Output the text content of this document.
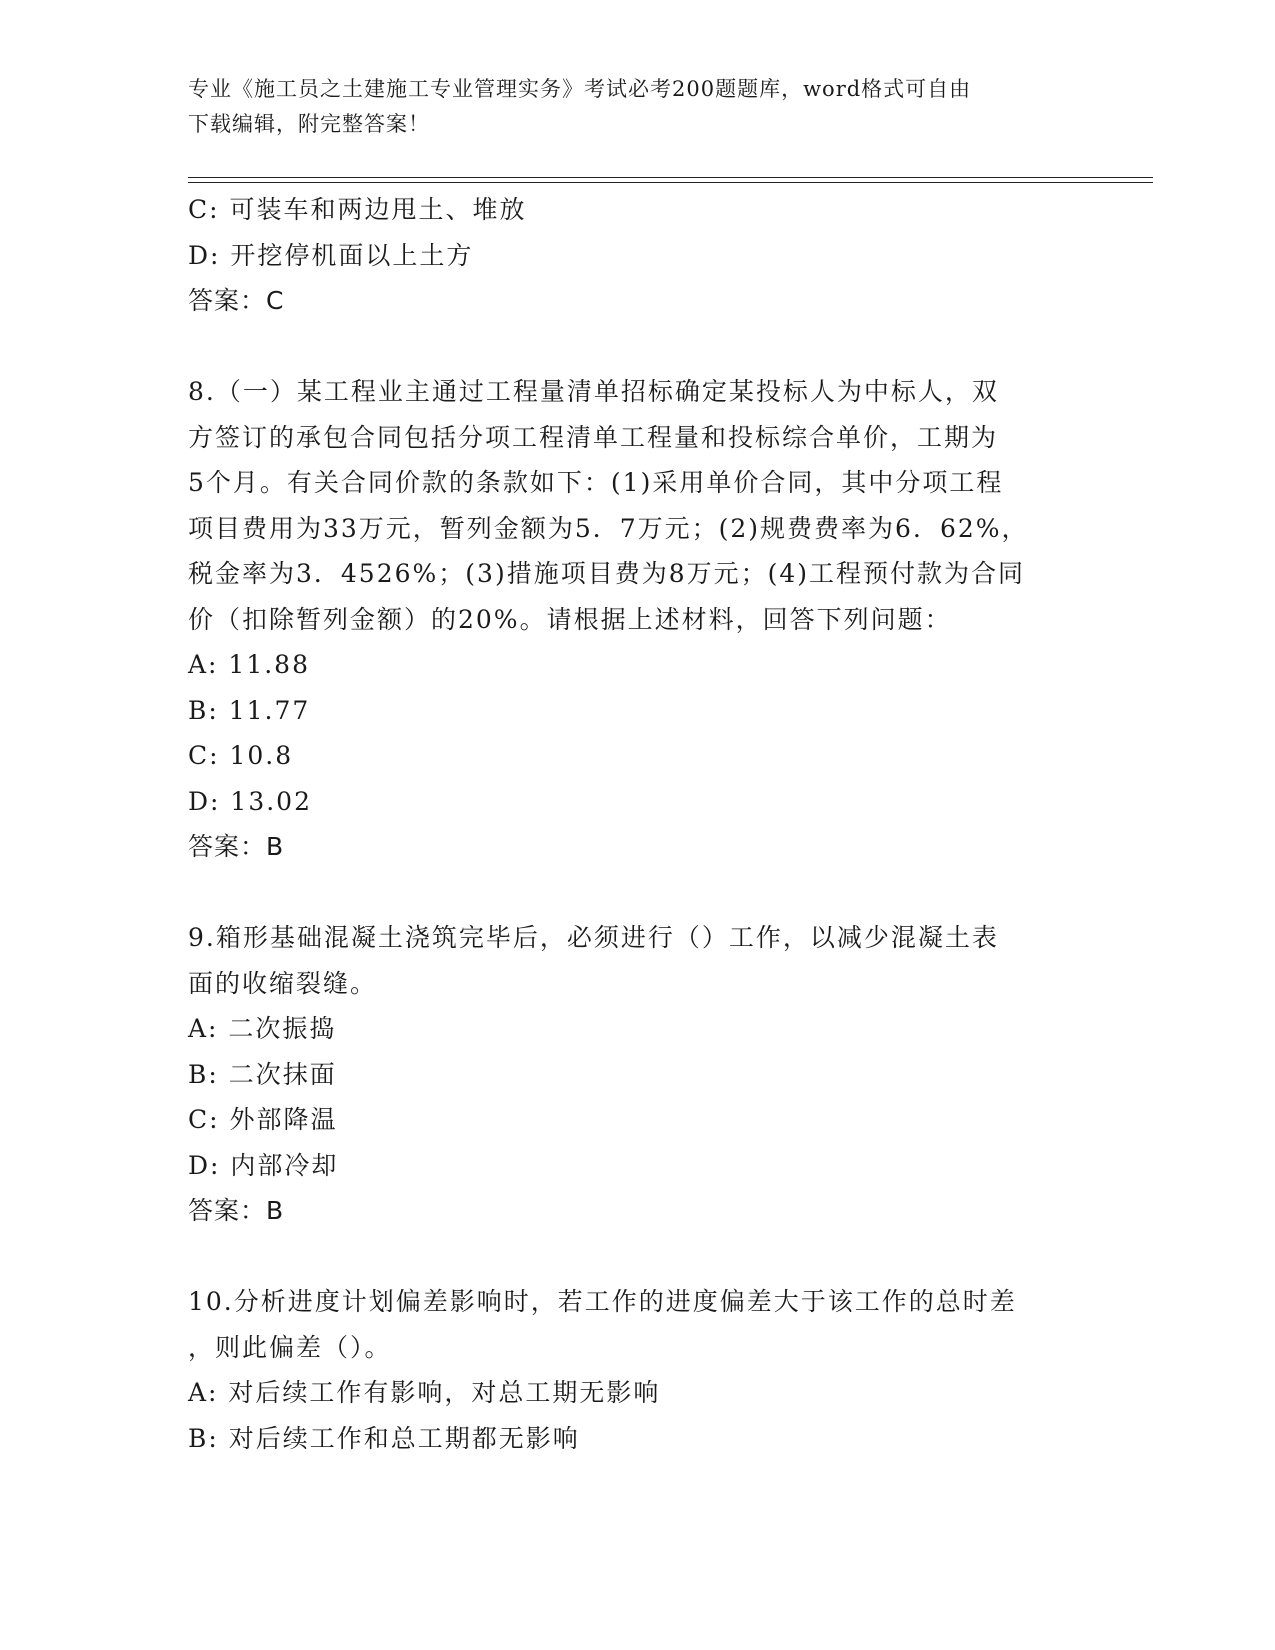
专业《施工员之土建施工专业管理实务》考试必考200题题库，word格式可自由
下载编辑，附完整答案！
C: 可装车和两边甩土、堆放
D: 开挖停机面以上土方
答案：C
8.（一）某工程业主通过工程量清单招标确定某投标人为中标人，双
方签订的承包合同包括分项工程清单工程量和投标综合单价，工期为
5个月。有关合同价款的条款如下：(1)采用单价合同，其中分项工程
项目费用为33万元，暂列金额为5．7万元；(2)规费费率为6．62%，
税金率为3．4526%；(3)措施项目费为8万元；(4)工程预付款为合同
价（扣除暂列金额）的20%。请根据上述材料，回答下列问题：
A: 11.88
B: 11.77
C: 10.8
D: 13.02
答案：B
9.箱形基础混凝土浇筑完毕后，必须进行（）工作，以减少混凝土表
面的收缩裂缝。
A: 二次振捣
B: 二次抹面
C: 外部降温
D: 内部冷却
答案：B
10.分析进度计划偏差影响时，若工作的进度偏差大于该工作的总时差
，则此偏差（）。
A: 对后续工作有影响，对总工期无影响
B: 对后续工作和总工期都无影响
